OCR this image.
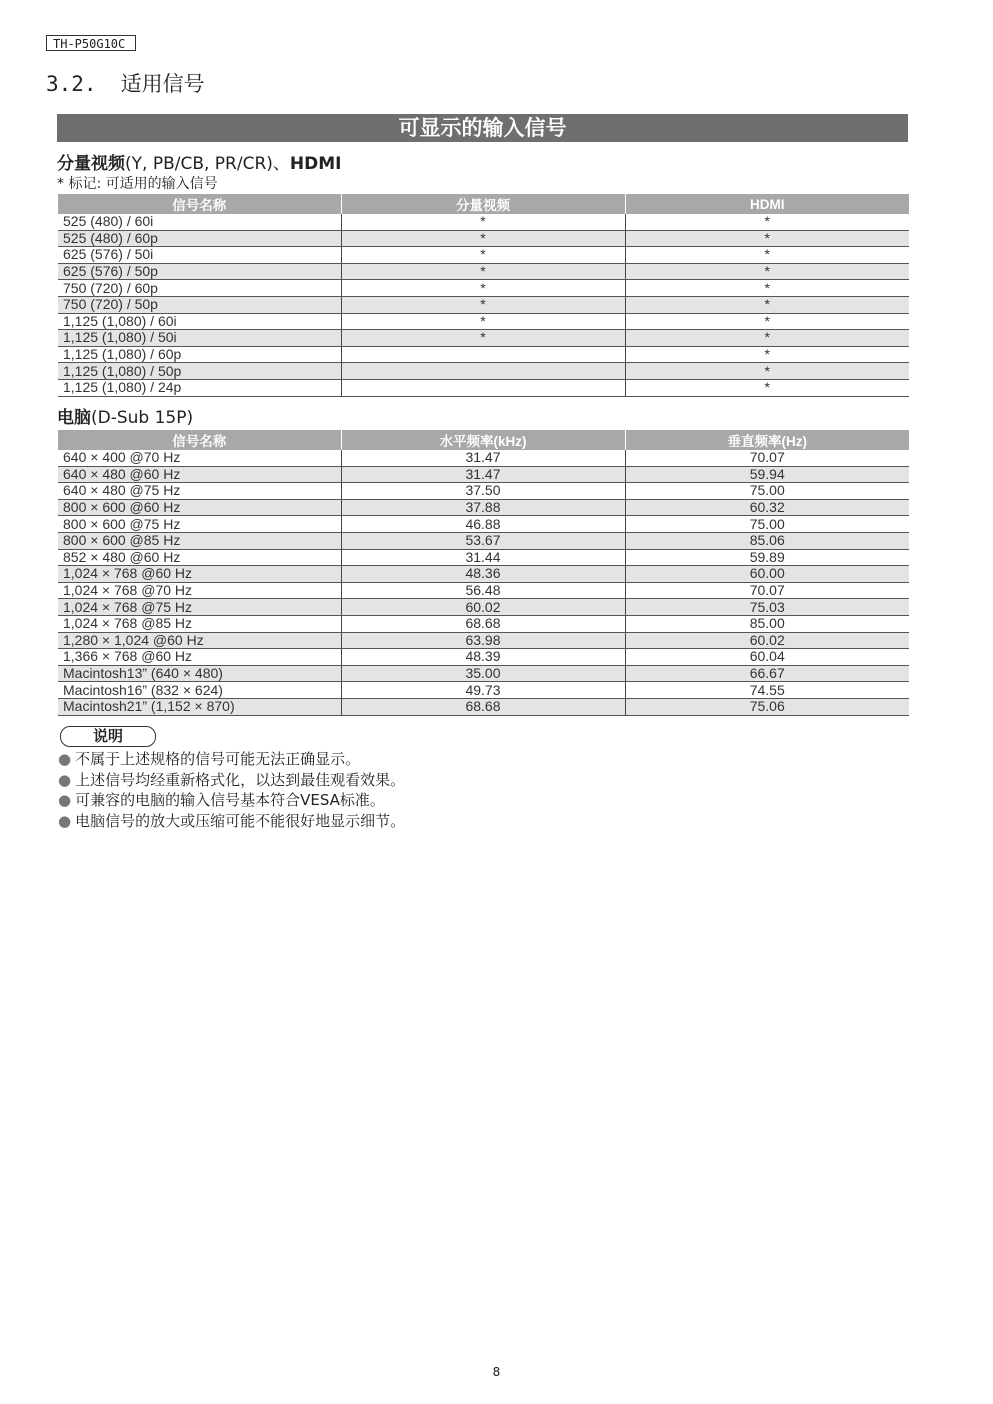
TH-P50G10C
3.2. 适用信号
可显示的输入信号
分量视频(Y, PB/CB, PR/CR)、HDMI
* 标记: 可适用的输入信号
信号名称	分量视频	HDMI
525 (480) / 60i	*	*
525 (480) / 60p	*	*
625 (576) / 50i	*	*
625 (576) / 50p	*	*
750 (720) / 60p	*	*
750 (720) / 50p	*	*
1,125 (1,080) / 60i	*	*
1,125 (1,080) / 50i	*	*
1,125 (1,080) / 60p		*
1,125 (1,080) / 50p		*
1,125 (1,080) / 24p		*
电脑(D-Sub 15P)
信号名称	水平频率(kHz)	垂直频率(Hz)
640 × 400 @70 Hz	31.47	70.07
640 × 480 @60 Hz	31.47	59.94
640 × 480 @75 Hz	37.50	75.00
800 × 600 @60 Hz	37.88	60.32
800 × 600 @75 Hz	46.88	75.00
800 × 600 @85 Hz	53.67	85.06
852 × 480 @60 Hz	31.44	59.89
1,024 × 768 @60 Hz	48.36	60.00
1,024 × 768 @70 Hz	56.48	70.07
1,024 × 768 @75 Hz	60.02	75.03
1,024 × 768 @85 Hz	68.68	85.00
1,280 × 1,024 @60 Hz	63.98	60.02
1,366 × 768 @60 Hz	48.39	60.04
Macintosh13” (640 × 480)	35.00	66.67
Macintosh16” (832 × 624)	49.73	74.55
Macintosh21” (1,152 × 870)	68.68	75.06
说明
● 不属于上述规格的信号可能无法正确显示。
● 上述信号均经重新格式化，以达到最佳观看效果。
● 可兼容的电脑的输入信号基本符合VESA标准。
● 电脑信号的放大或压缩可能不能很好地显示细节。
8
